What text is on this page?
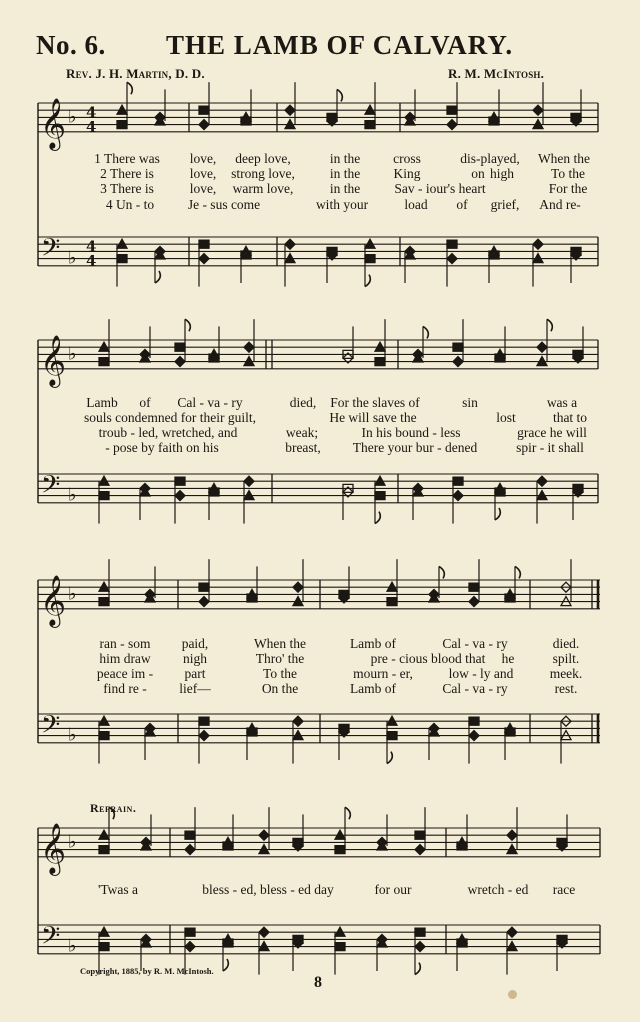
No. 6. THE LAMB OF CALVARY.
Rev. J. H. Martin, D. D.	R. M. McIntosh.
𝄞 ♭
𝄢 ♭
4
4
4
4
𝄞 ♭
𝄢 ♭
𝄞 ♭
𝄢 ♭
𝄞 ♭
𝄢 ♭
1 There was love, deep love,	in the cross	dis-played, When the
2 There is	love, strong love,	in the King	on high	To the
3 There is	love, warm love,	in the	Sav - iour's heart	For the
4 Un - to Je - sus come	with your	load of grief, And re-
Lamb of Cal - va - ry	died, For the slaves of	sin	was a
souls condemned for their guilt,	He will save the	lost	that to
troub - led, wretched, and	weak;	In his bound - less	grace he will
- pose by faith on his	breast, There your bur - dened	spir - it shall
ran - som paid,	When the	Lamb of	Cal - va - ry	died.
him draw nigh	Thro' the	pre - cious blood that he	spilt.
peace im - part	To the	mourn - er,	low - ly and	meek.
find re - lief—	On the	Lamb of	Cal - va - ry	rest.
'Twas a	bless - ed, bless - ed day	for our	wretch - ed race
Refrain.
Copyright, 1885, by R. M. McIntosh.
8
